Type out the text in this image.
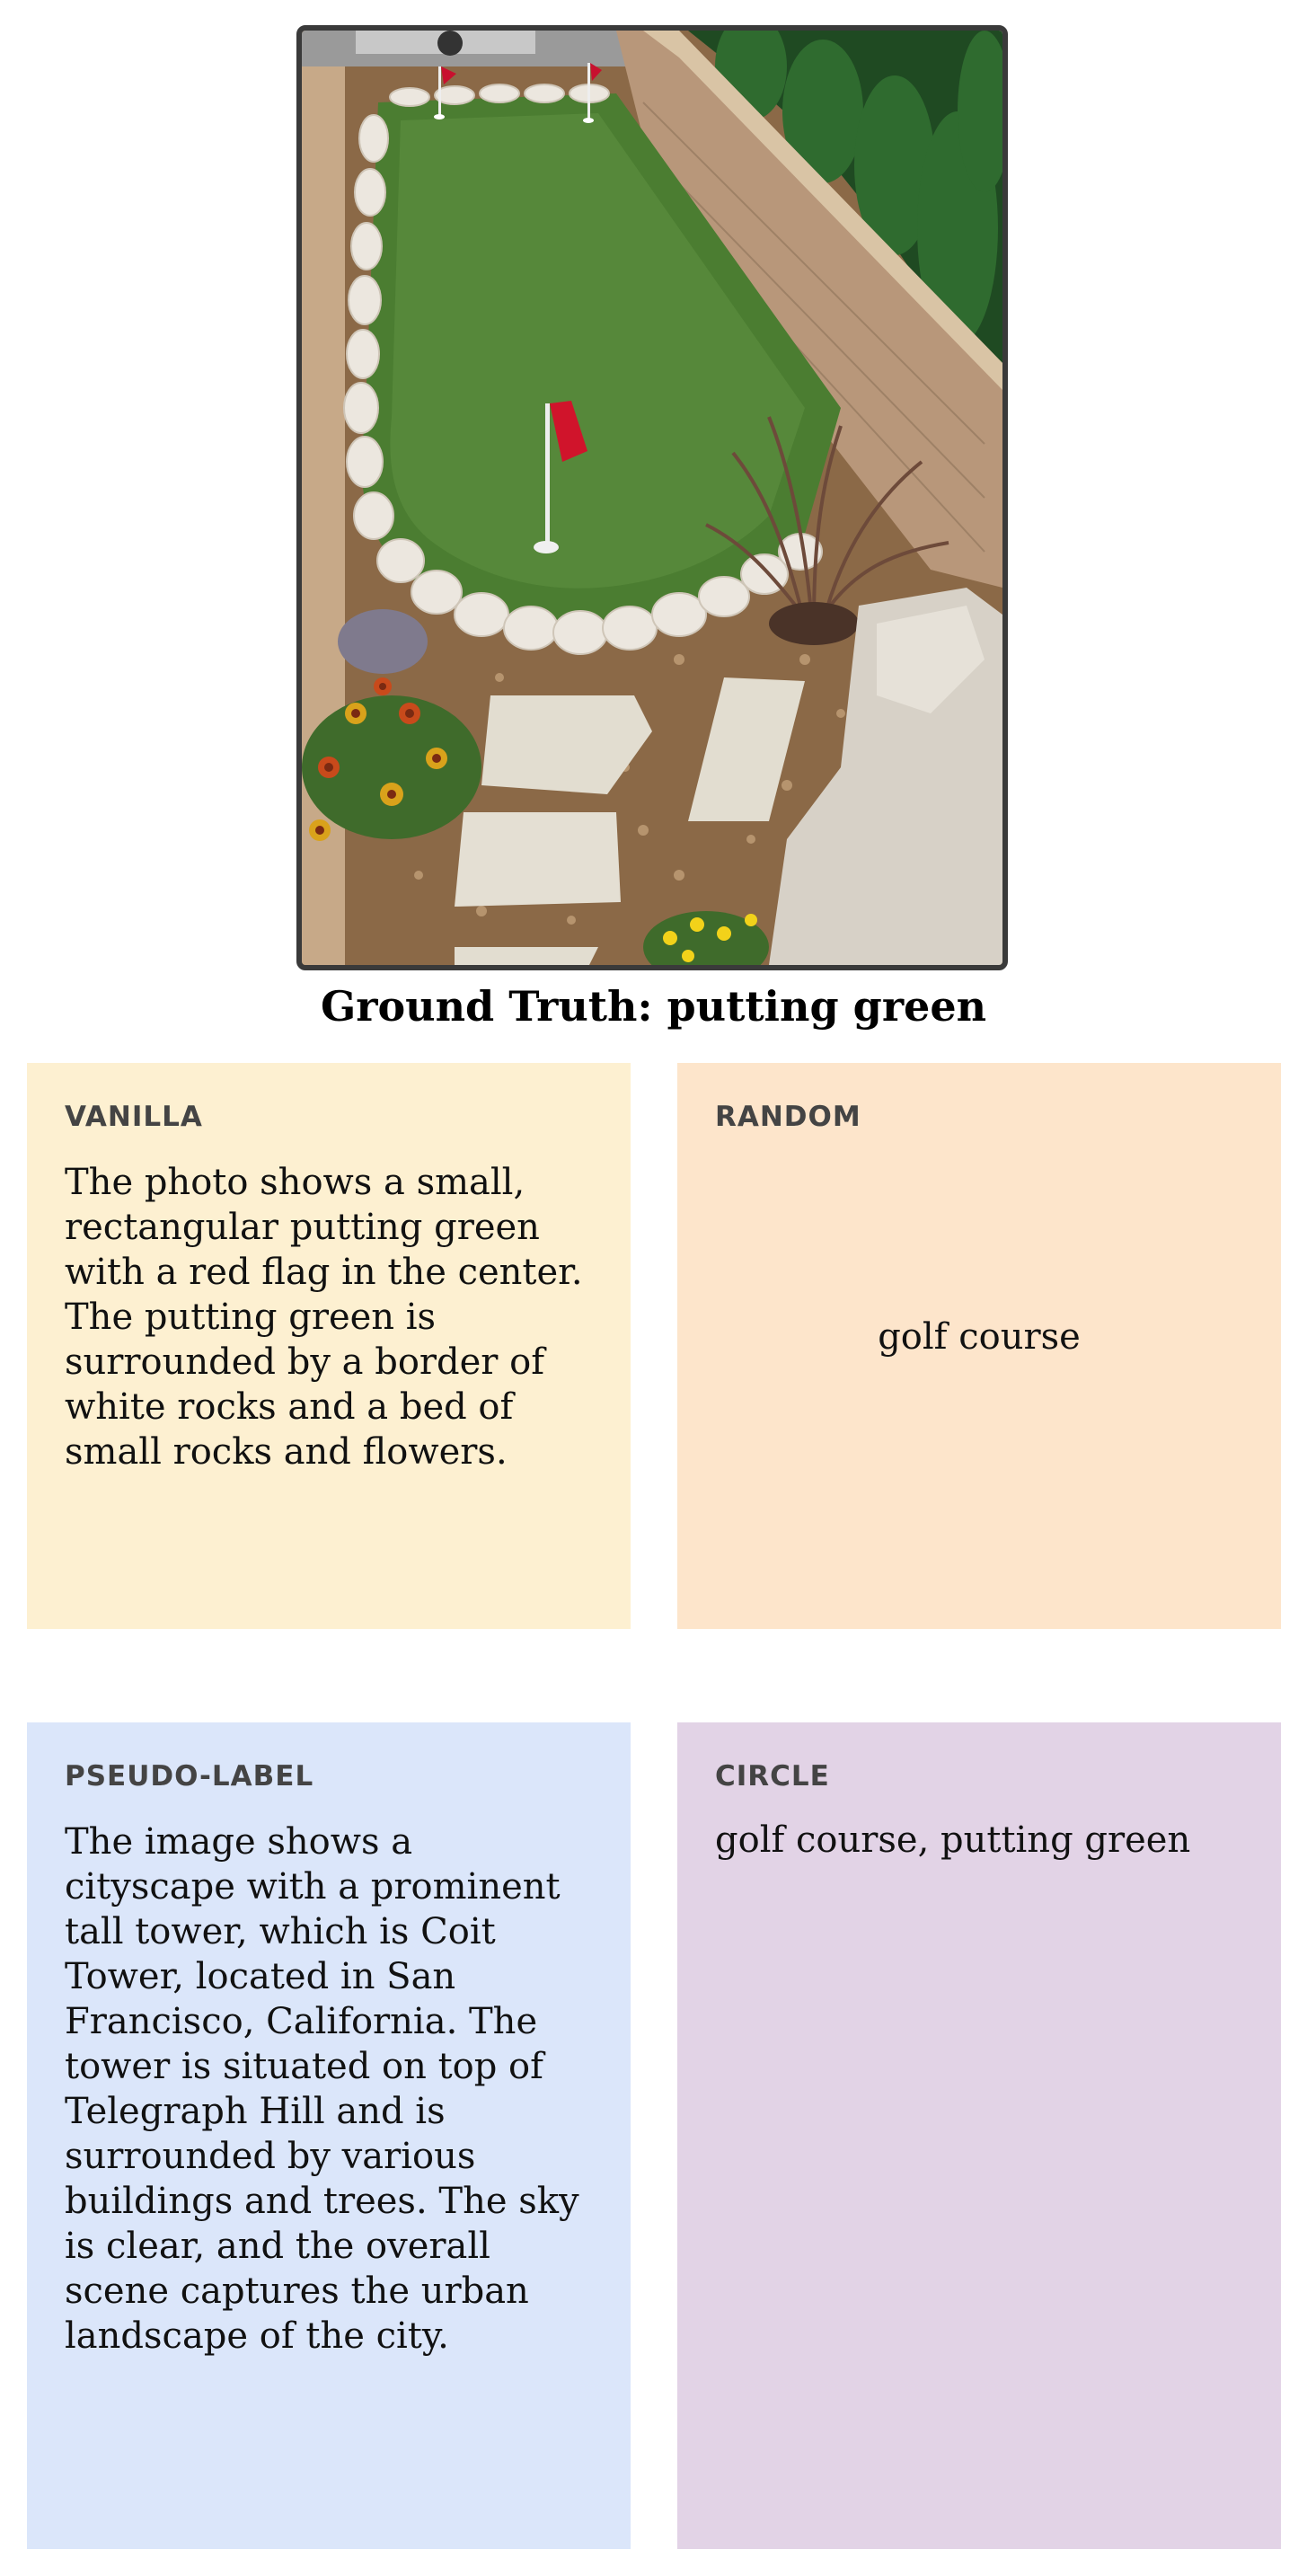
Ground Truth: putting green
VANILLA
The photo shows a small, rectangular putting green with a red flag in the center. The putting green is surrounded by a border of white rocks and a bed of small rocks and flowers.
RANDOM
golf course
PSEUDO-LABEL
The image shows a cityscape with a prominent tall tower, which is Coit Tower, located in San Francisco, California. The tower is situated on top of Telegraph Hill and is surrounded by various buildings and trees. The sky is clear, and the overall scene captures the urban landscape of the city.
CIRCLE
golf course, putting green
